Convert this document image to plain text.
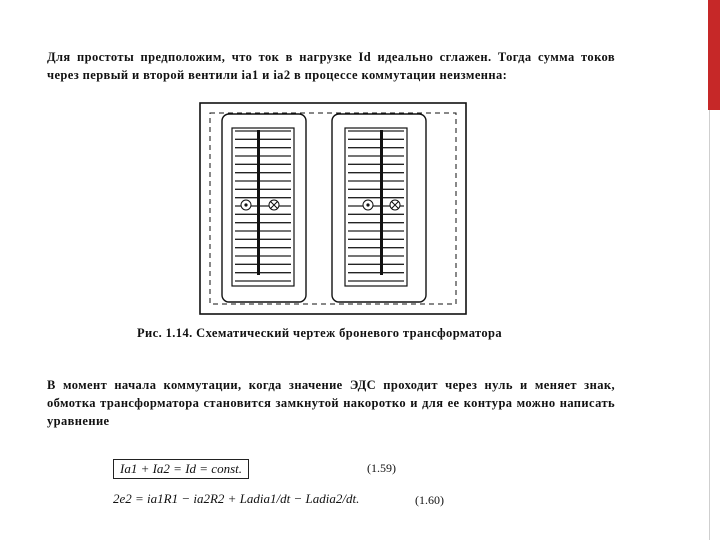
Для простоты предположим, что ток в нагрузке Id идеально сглажен. Тогда сумма токов через первый и второй вентили ia1 и ia2 в процессе коммутации неизменна:
Рис. 1.14. Схематический чертеж броневого трансформатора
В момент начала коммутации, когда значение ЭДС проходит через нуль и меняет знак, обмотка трансформатора становится замкнутой накоротко и для ее контура можно написать уравнение
Ia1 + Ia2 = Id = const.	(1.59)
2e2 = ia1R1 − ia2R2 + Ladia1/dt − Ladia2/dt.	(1.60)
